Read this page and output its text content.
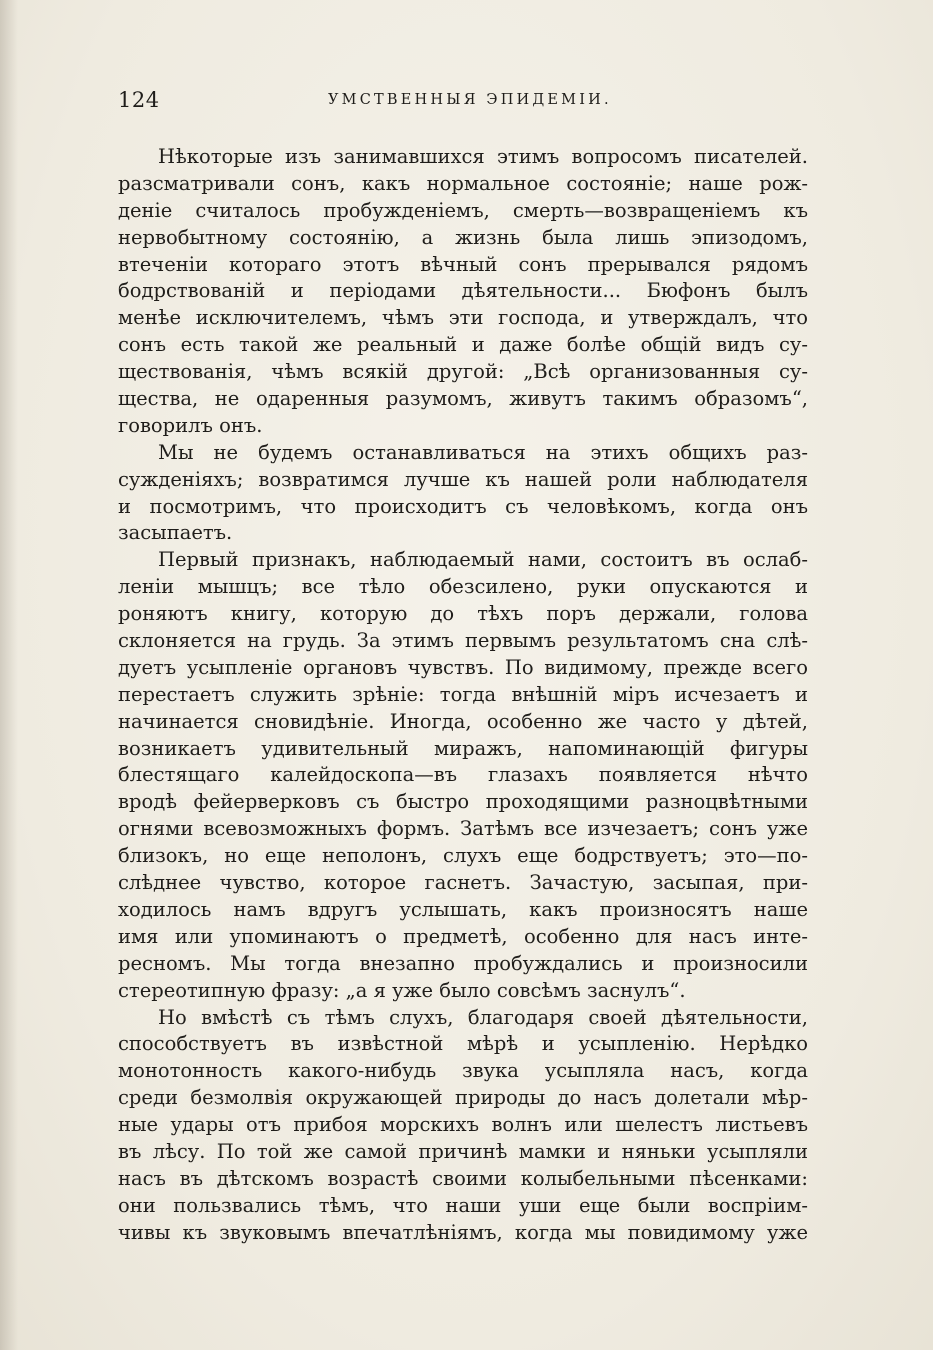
124	УМСТВЕННЫЯ ЭПИДЕМІИ.
Нѣкоторые изъ занимавшихся этимъ вопросомъ писателей.
разсматривали сонъ, какъ нормальное состояніе; наше рож-
деніе считалось пробужденіемъ, смерть—возвращеніемъ къ
нервобытному состоянію, а жизнь была лишь эпизодомъ,
втеченіи котораго этотъ вѣчный сонъ прерывался рядомъ
бодрствованій и періодами дѣятельности... Бюфонъ былъ
менѣе исключителемъ, чѣмъ эти господа, и утверждалъ, что
сонъ есть такой же реальный и даже болѣе общій видъ су-
ществованія, чѣмъ всякій другой: „Всѣ организованныя су-
щества, не одаренныя разумомъ, живутъ такимъ образомъ“,
говорилъ онъ.
Мы не будемъ останавливаться на этихъ общихъ раз-
сужденіяхъ; возвратимся лучше къ нашей роли наблюдателя
и посмотримъ, что происходитъ съ человѣкомъ, когда онъ
засыпаетъ.
Первый признакъ, наблюдаемый нами, состоитъ въ ослаб-
леніи мышцъ; все тѣло обезсилено, руки опускаются и
роняютъ книгу, которую до тѣхъ поръ держали, голова
склоняется на грудь. За этимъ первымъ результатомъ сна слѣ-
дуетъ усыпленіе органовъ чувствъ. По видимому, прежде всего
перестаетъ служить зрѣніе: тогда внѣшній міръ исчезаетъ и
начинается сновидѣніе. Иногда, особенно же часто у дѣтей,
возникаетъ удивительный миражъ, напоминающій фигуры
блестящаго калейдоскопа—въ глазахъ появляется нѣчто
вродѣ фейерверковъ съ быстро проходящими разноцвѣтными
огнями всевозможныхъ формъ. Затѣмъ все изчезаетъ; сонъ уже
близокъ, но еще неполонъ, слухъ еще бодрствуетъ; это—по-
слѣднее чувство, которое гаснетъ. Зачастую, засыпая, при-
ходилось намъ вдругъ услышать, какъ произносятъ наше
имя или упоминаютъ о предметѣ, особенно для насъ инте-
ресномъ. Мы тогда внезапно пробуждались и произносили
стереотипную фразу: „а я уже было совсѣмъ заснулъ“.
Но вмѣстѣ съ тѣмъ слухъ, благодаря своей дѣятельности,
способствуетъ въ извѣстной мѣрѣ и усыпленію. Нерѣдко
монотонность какого-нибудь звука усыпляла насъ, когда
среди безмолвія окружающей природы до насъ долетали мѣр-
ные удары отъ прибоя морскихъ волнъ или шелестъ листьевъ
въ лѣсу. По той же самой причинѣ мамки и няньки усыпляли
насъ въ дѣтскомъ возрастѣ своими колыбельными пѣсенками:
они пользвались тѣмъ, что наши уши еще были воспріим-
чивы къ звуковымъ впечатлѣніямъ, когда мы повидимому уже
